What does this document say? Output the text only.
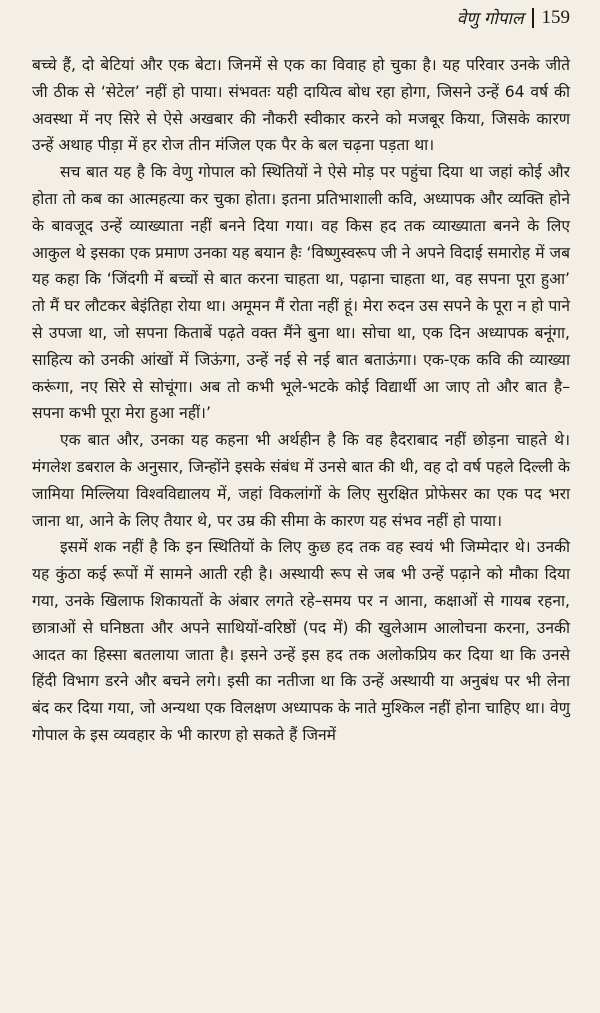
वेणु गोपाल 159

बच्चे हैं, दो बेटियां और एक बेटा। जिनमें से एक का विवाह हो चुका है। यह परिवार उनके जीते जी ठीक से ‘सेटेल’ नहीं हो पाया। संभवतः यही दायित्व बोध रहा होगा, जिसने उन्हें 64 वर्ष की अवस्था में नए सिरे से ऐसे अखबार की नौकरी स्वीकार करने को मजबूर किया, जिसके कारण उन्हें अथाह पीड़ा में हर रोज तीन मंजिल एक पैर के बल चढ़ना पड़ता था।

सच बात यह है कि वेणु गोपाल को स्थितियों ने ऐसे मोड़ पर पहुंचा दिया था जहां कोई और होता तो कब का आत्महत्या कर चुका होता। इतना प्रतिभाशाली कवि, अध्यापक और व्यक्ति होने के बावजूद उन्हें व्याख्याता नहीं बनने दिया गया। वह किस हद तक व्याख्याता बनने के लिए आकुल थे इसका एक प्रमाण उनका यह बयान हैः ‘विष्णुस्वरूप जी ने अपने विदाई समारोह में जब यह कहा कि ‘जिंदगी में बच्चों से बात करना चाहता था, पढ़ाना चाहता था, वह सपना पूरा हुआ’ तो मैं घर लौटकर बेइंतिहा रोया था। अमूमन मैं रोता नहीं हूं। मेरा रुदन उस सपने के पूरा न हो पाने से उपजा था, जो सपना किताबें पढ़ते वक्त मैंने बुना था। सोचा था, एक दिन अध्यापक बनूंगा, साहित्य को उनकी आंखों में जिऊंगा, उन्हें नई से नई बात बताऊंगा। एक-एक कवि की व्याख्या करूंगा, नए सिरे से सोचूंगा। अब तो कभी भूले-भटके कोई विद्यार्थी आ जाए तो और बात है–सपना कभी पूरा मेरा हुआ नहीं।’

एक बात और, उनका यह कहना भी अर्थहीन है कि वह हैदराबाद नहीं छोड़ना चाहते थे। मंगलेश डबराल के अनुसार, जिन्होंने इसके संबंध में उनसे बात की थी, वह दो वर्ष पहले दिल्ली के जामिया मिल्लिया विश्वविद्यालय में, जहां विकलांगों के लिए सुरक्षित प्रोफेसर का एक पद भरा जाना था, आने के लिए तैयार थे, पर उम्र की सीमा के कारण यह संभव नहीं हो पाया।

इसमें शक नहीं है कि इन स्थितियों के लिए कुछ हद तक वह स्वयं भी जिम्मेदार थे। उनकी यह कुंठा कई रूपों में सामने आती रही है। अस्थायी रूप से जब भी उन्हें पढ़ाने को मौका दिया गया, उनके खिलाफ शिकायतों के अंबार लगते रहे–समय पर न आना, कक्षाओं से गायब रहना, छात्राओं से घनिष्ठता और अपने साथियों-वरिष्ठों (पद में) की खुलेआम आलोचना करना, उनकी आदत का हिस्सा बतलाया जाता है। इसने उन्हें इस हद तक अलोकप्रिय कर दिया था कि उनसे हिंदी विभाग डरने और बचने लगे। इसी का नतीजा था कि उन्हें अस्थायी या अनुबंध पर भी लेना बंद कर दिया गया, जो अन्यथा एक विलक्षण अध्यापक के नाते मुश्किल नहीं होना चाहिए था। वेणु गोपाल के इस व्यवहार के भी कारण हो सकते हैं जिनमें
